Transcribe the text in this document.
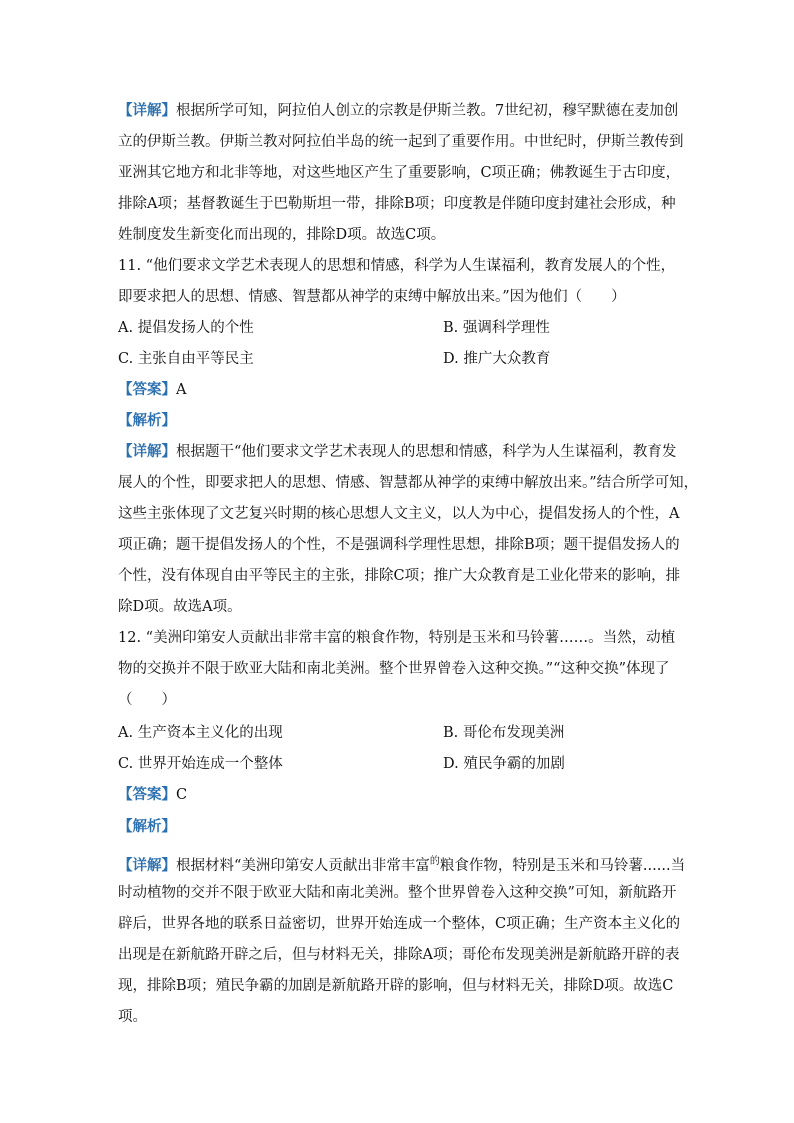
【详解】根据所学可知，阿拉伯人创立的宗教是伊斯兰教。7世纪初，穆罕默德在麦加创
立的伊斯兰教。伊斯兰教对阿拉伯半岛的统一起到了重要作用。中世纪时，伊斯兰教传到
亚洲其它地方和北非等地，对这些地区产生了重要影响，C项正确；佛教诞生于古印度，
排除A项；基督教诞生于巴勒斯坦一带，排除B项；印度教是伴随印度封建社会形成，种
姓制度发生新变化而出现的，排除D项。故选C项。
11. “他们要求文学艺术表现人的思想和情感，科学为人生谋福利，教育发展人的个性，
即要求把人的思想、情感、智慧都从神学的束缚中解放出来。”因为他们（　　）
A. 提倡发扬人的个性	B. 强调科学理性
C. 主张自由平等民主	D. 推广大众教育
【答案】A
【解析】
【详解】根据题干“他们要求文学艺术表现人的思想和情感，科学为人生谋福利，教育发
展人的个性，即要求把人的思想、情感、智慧都从神学的束缚中解放出来。”结合所学可知，
这些主张体现了文艺复兴时期的核心思想人文主义，以人为中心，提倡发扬人的个性，A
项正确；题干提倡发扬人的个性，不是强调科学理性思想，排除B项；题干提倡发扬人的
个性，没有体现自由平等民主的主张，排除C项；推广大众教育是工业化带来的影响，排
除D项。故选A项。
12. “美洲印第安人贡献出非常丰富的粮食作物，特别是玉米和马铃薯……。当然，动植
物的交换并不限于欧亚大陆和南北美洲。整个世界曾卷入这种交换。”“这种交换”体现了
（　　）
A. 生产资本主义化的出现	B. 哥伦布发现美洲
C. 世界开始连成一个整体	D. 殖民争霸的加剧
【答案】C
【解析】
【详解】根据材料“美洲印第安人贡献出非常丰富$^的$粮食作物，特别是玉米和马铃薯......当
时动植物的交并不限于欧亚大陆和南北美洲。整个世界曾卷入这种交换”可知，新航路开
辟后，世界各地的联系日益密切，世界开始连成一个整体，C项正确；生产资本主义化的
出现是在新航路开辟之后，但与材料无关，排除A项；哥伦布发现美洲是新航路开辟的表
现，排除B项；殖民争霸的加剧是新航路开辟的影响，但与材料无关，排除D项。故选C
项。
